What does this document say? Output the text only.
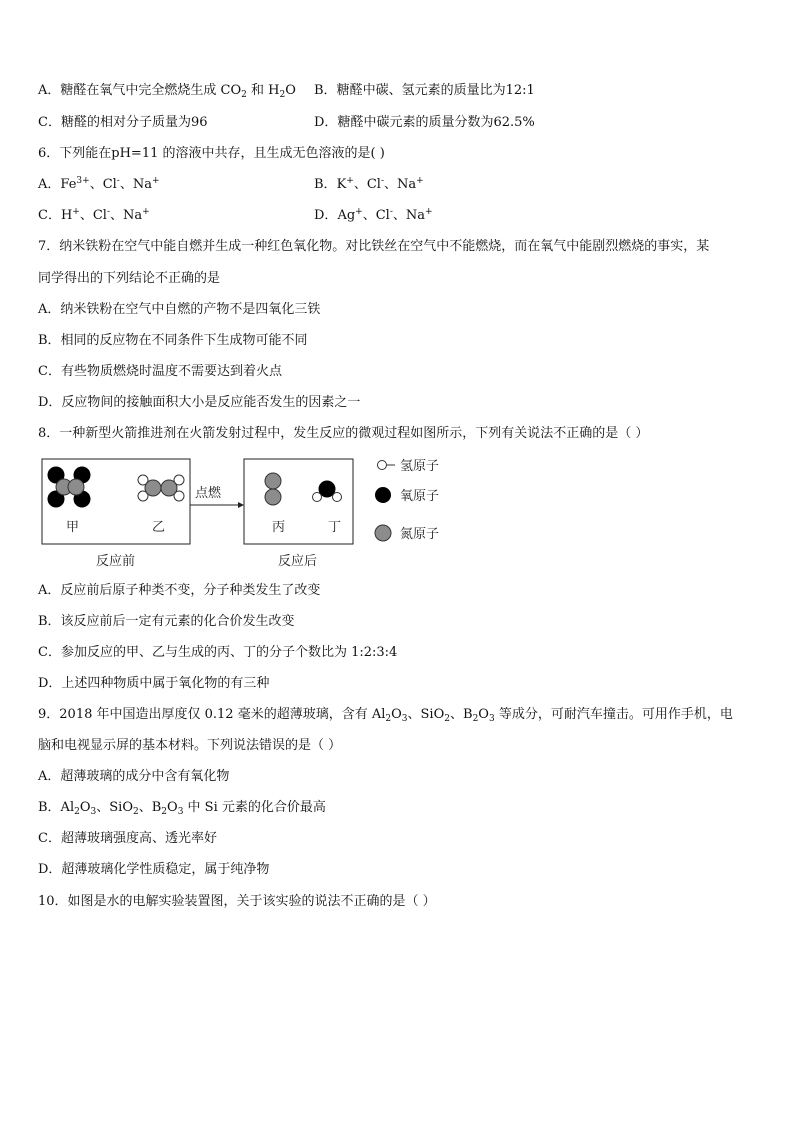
A．糖醛在氧气中完全燃烧生成 $CO_2$ 和 $H_2O$ B．糖醛中碳、氢元素的质量比为12:1
C．糖醛的相对分子质量为96	D．糖醛中碳元素的质量分数为62.5%
6．下列能在pH=11 的溶液中共存，且生成无色溶液的是( )
A．$Fe^{3+}$、Cl-、Na+	B．K+、Cl-、Na+
C．H+、Cl-、Na+	D．Ag+、Cl-、Na+
7．纳米铁粉在空气中能自燃并生成一种红色氧化物。对比铁丝在空气中不能燃烧，而在氧气中能剧烈燃烧的事实，某
同学得出的下列结论不正确的是
A．纳米铁粉在空气中自燃的产物不是四氧化三铁
B．相同的反应物在不同条件下生成物可能不同
C．有些物质燃烧时温度不需要达到着火点
D．反应物间的接触面积大小是反应能否发生的因素之一
8．一种新型火箭推进剂在火箭发射过程中，发生反应的微观过程如图所示，下列有关说法不正确的是（ ）
甲	乙
反应前
点燃
丙	丁
反应后
氢原子
氧原子
氮原子
A．反应前后原子种类不变，分子种类发生了改变
B．该反应前后一定有元素的化合价发生改变
C．参加反应的甲、乙与生成的丙、丁的分子个数比为 1:2:3:4
D．上述四种物质中属于氧化物的有三种
9．2018 年中国造出厚度仅 0.12 毫米的超薄玻璃，含有 $Al_2O_3$、SiO$_2$、$B_2O_3$ 等成分，可耐汽车撞击。可用作手机，电
脑和电视显示屏的基本材料。下列说法错误的是（ ）
A．超薄玻璃的成分中含有氧化物
B．$Al_2O_3$、SiO$_2$、$B_2O_3$ 中 Si 元素的化合价最高
C．超薄玻璃强度高、透光率好
D．超薄玻璃化学性质稳定，属于纯净物
10．如图是水的电解实验装置图，关于该实验的说法不正确的是（ ）
